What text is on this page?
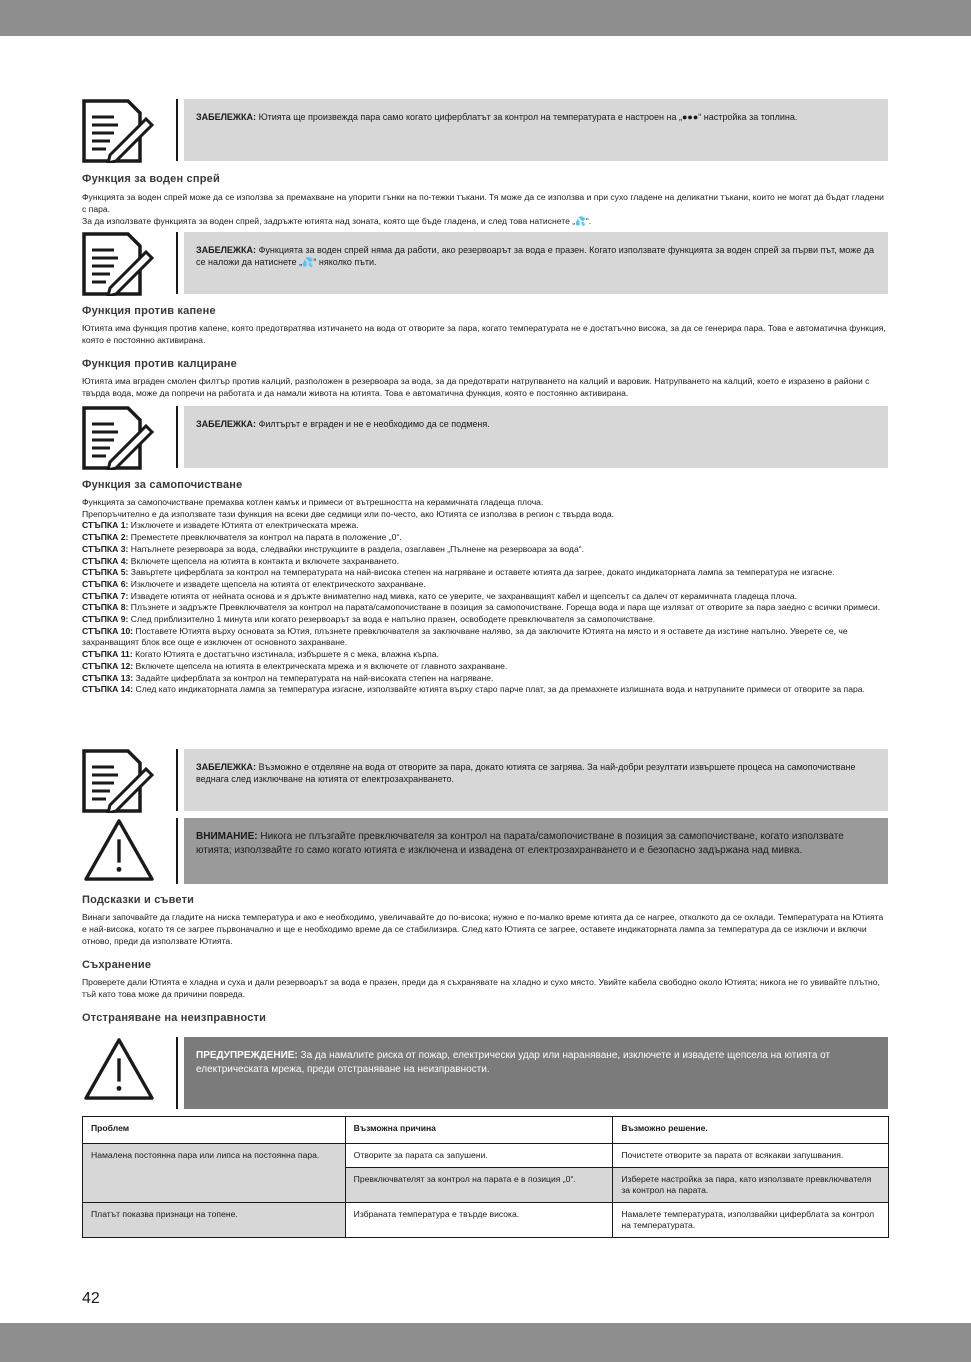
ЗАБЕЛЕЖКА: Ютията ще произвежда пара само когато циферблатът за контрол на температурата е настроен на „●●●“ настройка за топлина.
Функция за воден спрей
Функцията за воден спрей може да се използва за премахване на упорити гънки на по-тежки тъкани. Тя може да се използва и при сухо гладене на деликатни тъкани, които не могат да бъдат гладени с пара.
За да използвате функцията за воден спрей, задръжте ютията над зоната, която ще бъде гладена, и след това натиснете „💦“.
ЗАБЕЛЕЖКА: Функцията за воден спрей няма да работи, ако резервоарът за вода е празен. Когато използвате функцията за воден спрей за първи път, може да се наложи да натиснете „💦“ няколко пъти.
Функция против капене
Ютията има функция против капене, която предотвратява изтичането на вода от отворите за пара, когато температурата не е достатъчно висока, за да се генерира пара. Това е автоматична функция, която е постоянно активирана.
Функция против калциране
Ютията има вграден смолен филтър против калций, разположен в резервоара за вода, за да предотврати натрупването на калций и варовик. Натрупването на калций, което е изразено в райони с твърда вода, може да попречи на работата и да намали живота на ютията. Това е автоматична функция, която е постоянно активирана.
ЗАБЕЛЕЖКА: Филтърът е вграден и не е необходимо да се подменя.
Функция за самопочистване
Функцията за самопочистване премахва котлен камък и примеси от вътрешността на керамичната гладеща плоча.
Препоръчително е да използвате тази функция на всеки две седмици или по-често, ако Ютията се използва в регион с твърда вода.
СТЪПКА 1: Изключете и извадете Ютията от електрическата мрежа.
СТЪПКА 2: Преместете превключвателя за контрол на парата в положение „0“.
СТЪПКА 3: Напълнете резервоара за вода, следвайки инструкциите в раздела, озаглавен „Пълнене на резервоара за вода“.
СТЪПКА 4: Включете щепсела на ютията в контакта и включете захранването.
СТЪПКА 5: Завъртете циферблата за контрол на температурата на най-висока степен на нагряване и оставете ютията да загрее, докато индикаторната лампа за температура не изгасне.
СТЪПКА 6: Изключете и извадете щепсела на ютията от електрическото захранване.
СТЪПКА 7: Извадете ютията от нейната основа и я дръжте внимателно над мивка, като се уверите, че захранващият кабел и щепселът са далеч от керамичната гладеща плоча.
СТЪПКА 8: Плъзнете и задръжте Превключвателя за контрол на парата/самопочистване в позиция за самопочистване. Гореща вода и пара ще излязат от отворите за пара заедно с всички примеси.
СТЪПКА 9: След приблизително 1 минута или когато резервоарът за вода е напълно празен, освободете превключвателя за самопочистване.
СТЪПКА 10: Поставете Ютията върху основата за Ютия, плъзнете превключвателя за заключване наляво, за да заключите Ютията на място и я оставете да изстине напълно. Уверете се, че захранващият блок все още е изключен от основното захранване.
СТЪПКА 11: Когато Ютията е достатъчно изстинала, избършете я с мека, влажна кърпа.
СТЪПКА 12: Включете щепсела на ютията в електрическата мрежа и я включете от главното захранване.
СТЪПКА 13: Задайте циферблата за контрол на температурата на най-високата степен на нагряване.
СТЪПКА 14: След като индикаторната лампа за температура изгасне, използвайте ютията върху старо парче плат, за да премахнете излишната вода и натрупаните примеси от отворите за пара.
ЗАБЕЛЕЖКА: Възможно е отделяне на вода от отворите за пара, докато ютията се загрява. За най-добри резултати извършете процеса на самопочистване веднага след изключване на ютията от електрозахранването.
ВНИМАНИЕ: Никога не плъзгайте превключвателя за контрол на парата/самопочистване в позиция за самопочистване, когато използвате ютията; използвайте го само когато ютията е изключена и извадена от електрозахранването и е безопасно задържана над мивка.
Подсказки и съвети
Винаги започвайте да гладите на ниска температура и ако е необходимо, увеличавайте до по-висока; нужно е по-малко време ютията да се нагрее, отколкото да се охлади. Температурата на Ютията е най-висока, когато тя се загрее първоначално и ще е необходимо време да се стабилизира. След като Ютията се загрее, оставете индикаторната лампа за температура да се изключи и включи отново, преди да използвате Ютията.
Съхранение
Проверете дали Ютията е хладна и суха и дали резервоарът за вода е празен, преди да я съхранявате на хладно и сухо място. Увийте кабела свободно около Ютията; никога не го увивайте плътно, тъй като това може да причини повреда.
Отстраняване на неизправности
ПРЕДУПРЕЖДЕНИЕ: За да намалите риска от пожар, електрически удар или нараняване, изключете и извадете щепсела на ютията от електрическата мрежа, преди отстраняване на неизправности.
Проблем	Възможна причина	Възможно решение.
Намалена постоянна пара или липса на постоянна пара.	Отворите за парата са запушени.	Почистете отворите за парата от всякакви запушвания.
	Превключвателят за контрол на парата е в позиция „0“.	Изберете настройка за пара, като използвате превключвателя за контрол на парата.
Платът показва признаци на топене.	Избраната температура е твърде висока.	Намалете температурата, използвайки циферблата за контрол на температурата.
42
